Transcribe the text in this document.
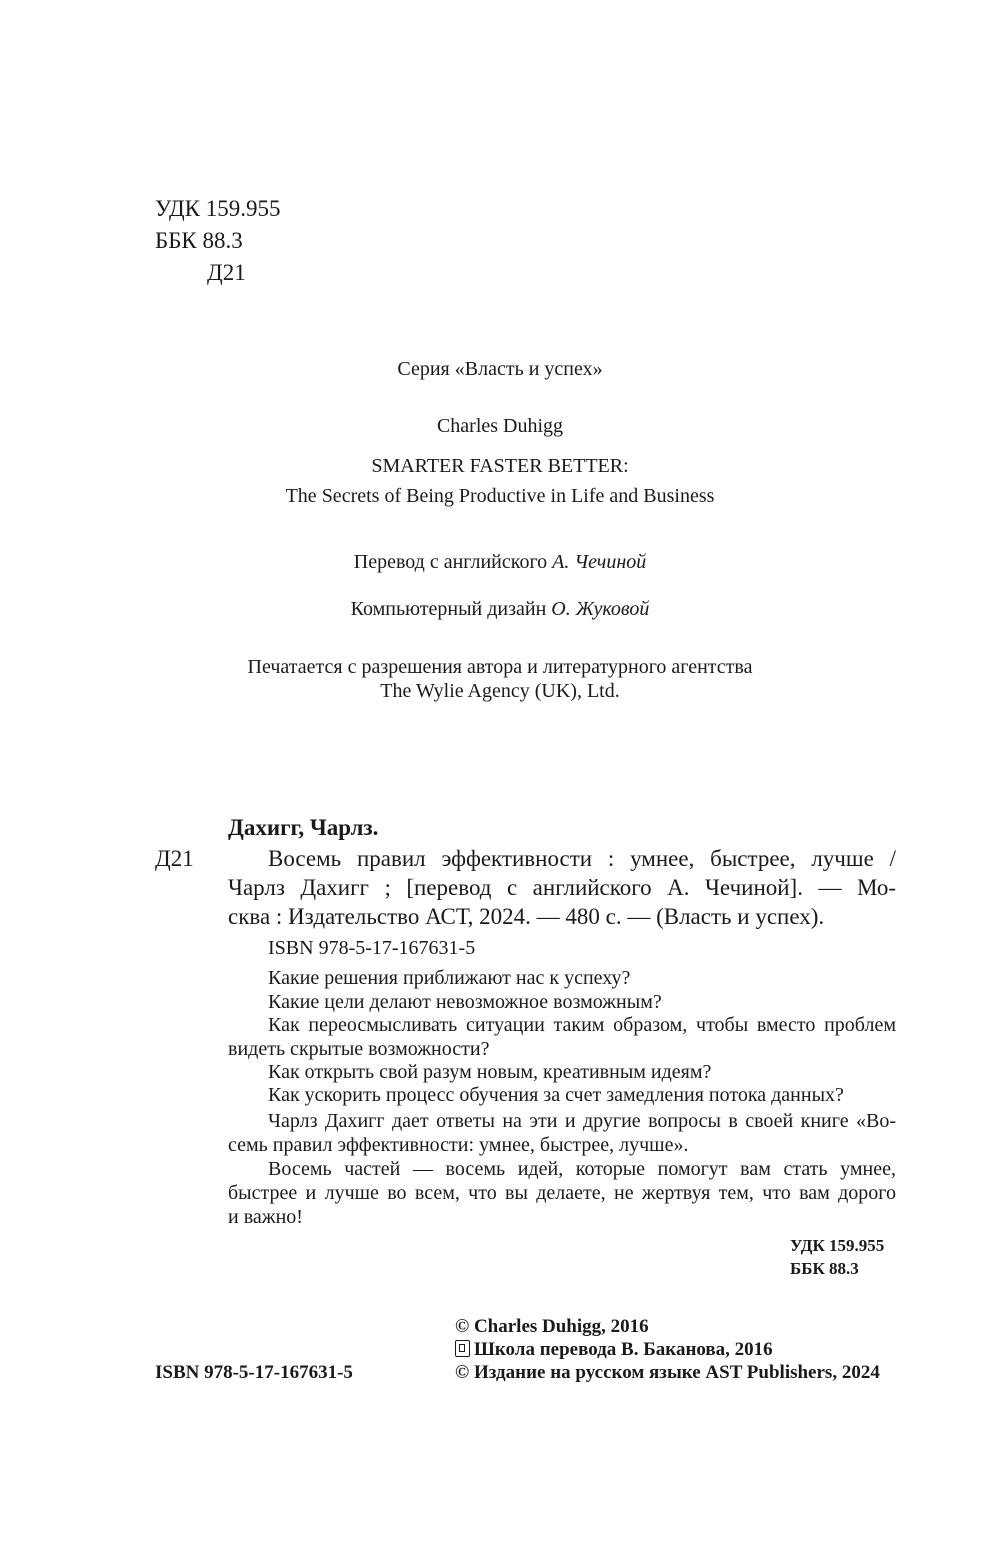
УДК 159.955
ББК 88.3
Д21
Серия «Власть и успех»
Charles Duhigg
SMARTER FASTER BETTER:
The Secrets of Being Productive in Life and Business
Перевод с английского А. Чечиной
Компьютерный дизайн О. Жуковой
Печатается с разрешения автора и литературного агентства
The Wylie Agency (UK), Ltd.
Дахигг, Чарлз.
Д21	Восемь правил эффективности : умнее, быстрее, лучше /
Чарлз Дахигг ; [перевод с английского А. Чечиной]. — Мо-
сква : Издательство АСТ, 2024. — 480 с. — (Власть и успех).
ISBN 978-5-17-167631-5
Какие решения приближают нас к успеху?
Какие цели делают невозможное возможным?
Как переосмысливать ситуации таким образом, чтобы вместо проблем
видеть скрытые возможности?
Как открыть свой разум новым, креативным идеям?
Как ускорить процесс обучения за счет замедления потока данных?
Чарлз Дахигг дает ответы на эти и другие вопросы в своей книге «Во-
семь правил эффективности: умнее, быстрее, лучше».
Восемь частей — восемь идей, которые помогут вам стать умнее,
быстрее и лучше во всем, что вы делаете, не жертвуя тем, что вам дорого
и важно!
УДК 159.955
ББК 88.3
© Charles Duhigg, 2016
Школа перевода В. Баканова, 2016
© Издание на русском языке AST Publishers, 2024
ISBN 978-5-17-167631-5
